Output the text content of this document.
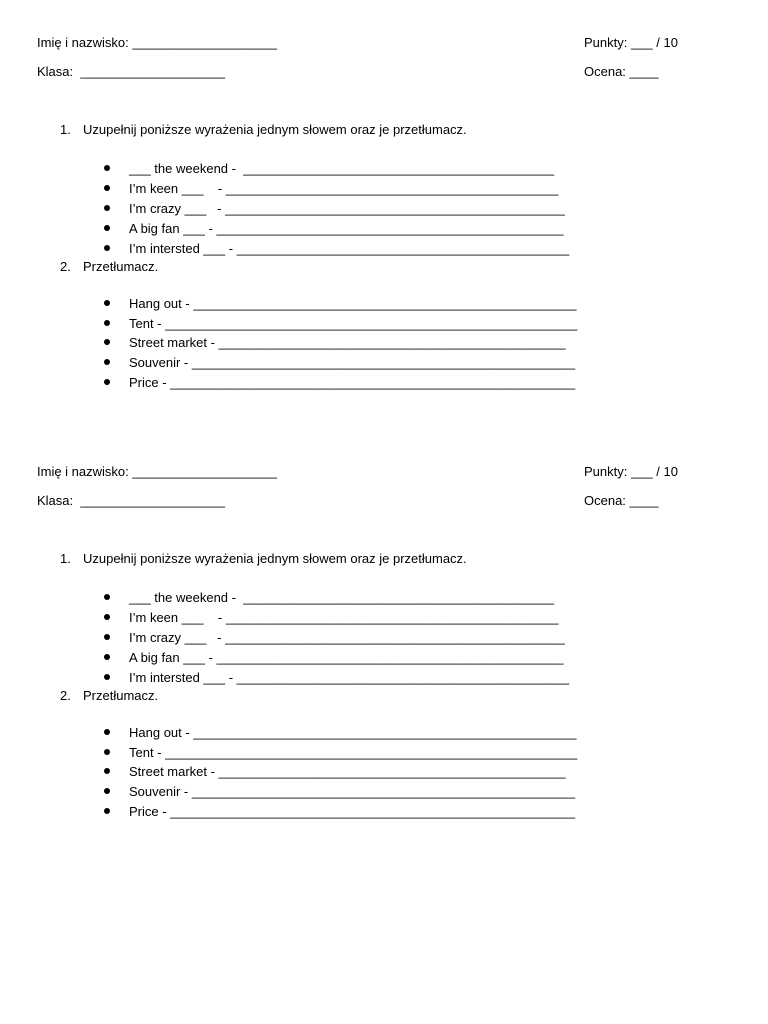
Imię i nazwisko: ____________________	Punkty: ___ / 10
Klasa:  ____________________	Ocena: ____
1. Uzupełnij poniższe wyrażenia jednym słowem oraz je przetłumacz.
___ the weekend -  ___________________________________________
I’m keen ___    - ______________________________________________
I’m crazy ___   - _______________________________________________
A big fan ___ - ________________________________________________
I’m intersted ___ - ______________________________________________
2. Przetłumacz.
Hang out - _____________________________________________________
Tent - _________________________________________________________
Street market - ________________________________________________
Souvenir - _____________________________________________________
Price - ________________________________________________________
Imię i nazwisko: ____________________	Punkty: ___ / 10
Klasa:  ____________________	Ocena: ____
1. Uzupełnij poniższe wyrażenia jednym słowem oraz je przetłumacz.
___ the weekend -  ___________________________________________
I’m keen ___    - ______________________________________________
I’m crazy ___   - _______________________________________________
A big fan ___ - ________________________________________________
I’m intersted ___ - ______________________________________________
2. Przetłumacz.
Hang out - _____________________________________________________
Tent - _________________________________________________________
Street market - ________________________________________________
Souvenir - _____________________________________________________
Price - ________________________________________________________
